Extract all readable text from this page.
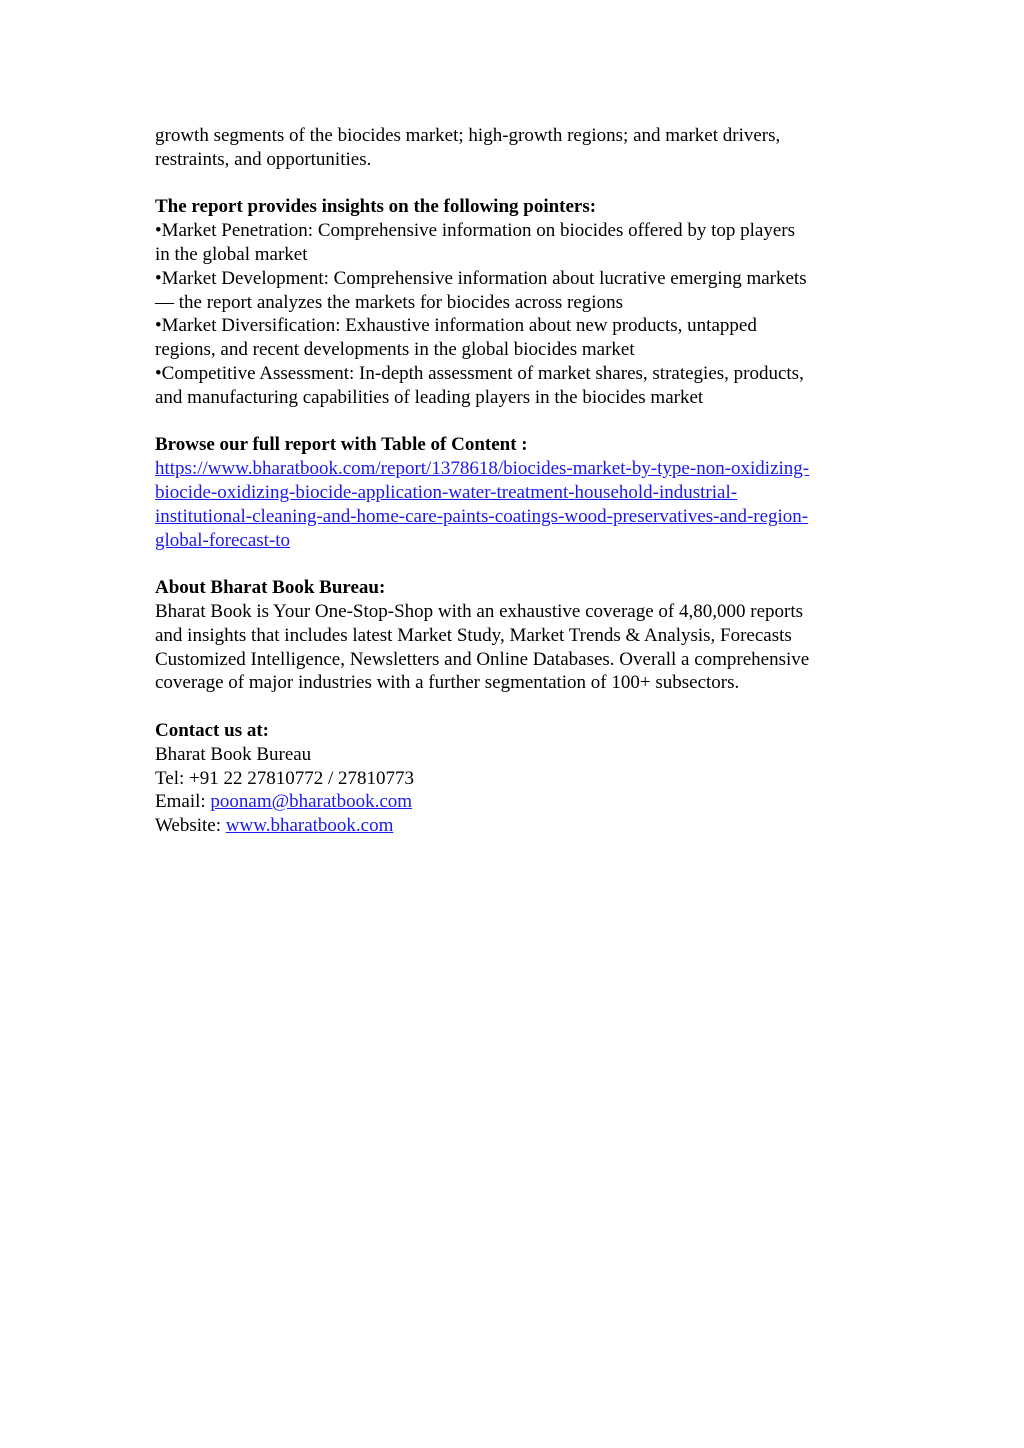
growth segments of the biocides market; high-growth regions; and market drivers,
restraints, and opportunities.
The report provides insights on the following pointers:
•Market Penetration: Comprehensive information on biocides offered by top players
in the global market
•Market Development: Comprehensive information about lucrative emerging markets
— the report analyzes the markets for biocides across regions
•Market Diversification: Exhaustive information about new products, untapped
regions, and recent developments in the global biocides market
•Competitive Assessment: In-depth assessment of market shares, strategies, products,
and manufacturing capabilities of leading players in the biocides market
Browse our full report with Table of Content :
https://www.bharatbook.com/report/1378618/biocides-market-by-type-non-oxidizing-
biocide-oxidizing-biocide-application-water-treatment-household-industrial-
institutional-cleaning-and-home-care-paints-coatings-wood-preservatives-and-region-
global-forecast-to
About Bharat Book Bureau:
Bharat Book is Your One-Stop-Shop with an exhaustive coverage of 4,80,000 reports
and insights that includes latest Market Study, Market Trends & Analysis, Forecasts
Customized Intelligence, Newsletters and Online Databases. Overall a comprehensive
coverage of major industries with a further segmentation of 100+ subsectors.
Contact us at:
Bharat Book Bureau
Tel: +91 22 27810772 / 27810773
Email: poonam@bharatbook.com
Website: www.bharatbook.com
